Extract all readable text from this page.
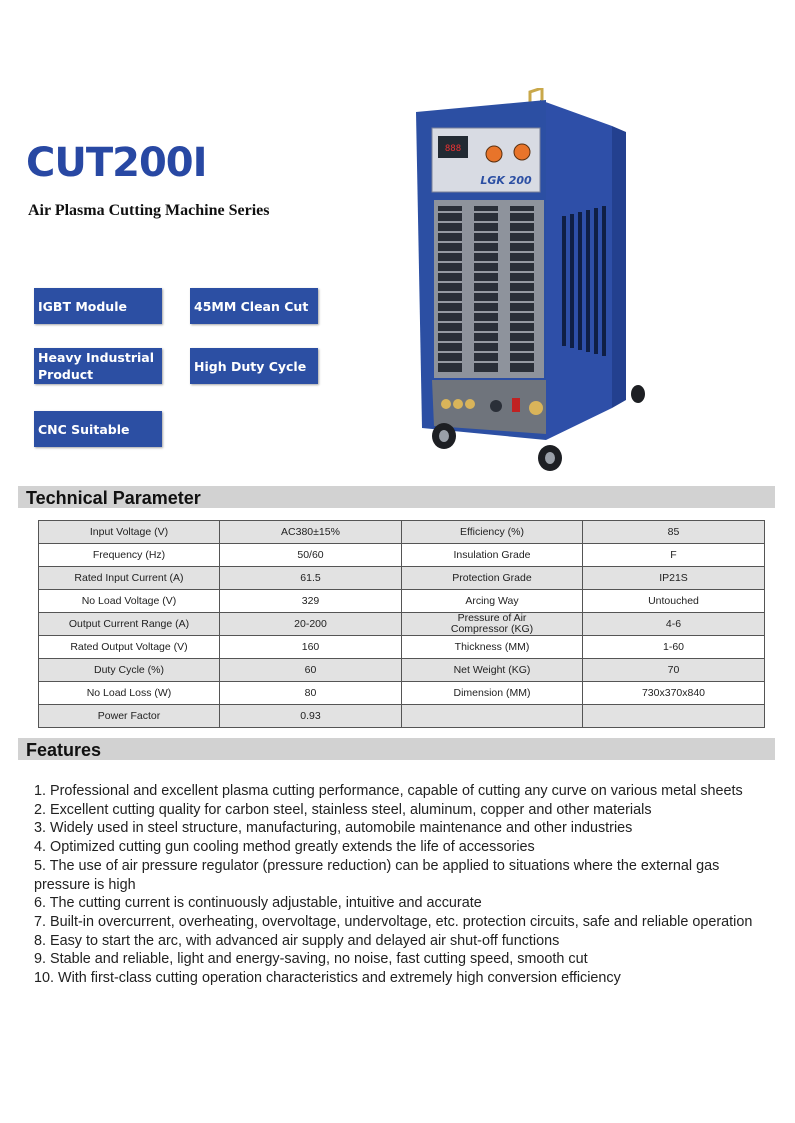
CUT200I

Air Plasma Cutting Machine Series

IGBT Module	45MM Clean Cut
Heavy Industrial Product
High Duty Cycle
CNC Suitable
888
LGK 200
Technical Parameter
Input Voltage (V)	AC380±15%	Efficiency (%)	85
Frequency (Hz)	50/60	Insulation Grade	F
Rated Input Current (A)	61.5	Protection Grade	IP21S
No Load Voltage (V)	329	Arcing Way	Untouched
Output Current Range (A)	20-200	Pressure of Air Compressor (KG)	4-6
Rated Output Voltage (V)	160	Thickness (MM)	1-60
Duty Cycle (%)	60	Net Weight (KG)	70
No Load Loss (W)	80	Dimension (MM)	730x370x840
Power Factor	0.93		
Features
1. Professional and excellent plasma cutting performance, capable of cutting any curve on various metal sheets
2. Excellent cutting quality for carbon steel, stainless steel, aluminum, copper and other materials
3. Widely used in steel structure, manufacturing, automobile maintenance and other industries
4. Optimized cutting gun cooling method greatly extends the life of accessories
5. The use of air pressure regulator (pressure reduction) can be applied to situations where the external gas pressure is high
6. The cutting current is continuously adjustable, intuitive and accurate
7. Built-in overcurrent, overheating, overvoltage, undervoltage, etc. protection circuits, safe and reliable operation
8. Easy to start the arc, with advanced air supply and delayed air shut-off functions
9. Stable and reliable, light and energy-saving, no noise, fast cutting speed, smooth cut
10. With first-class cutting operation characteristics and extremely high conversion efficiency
